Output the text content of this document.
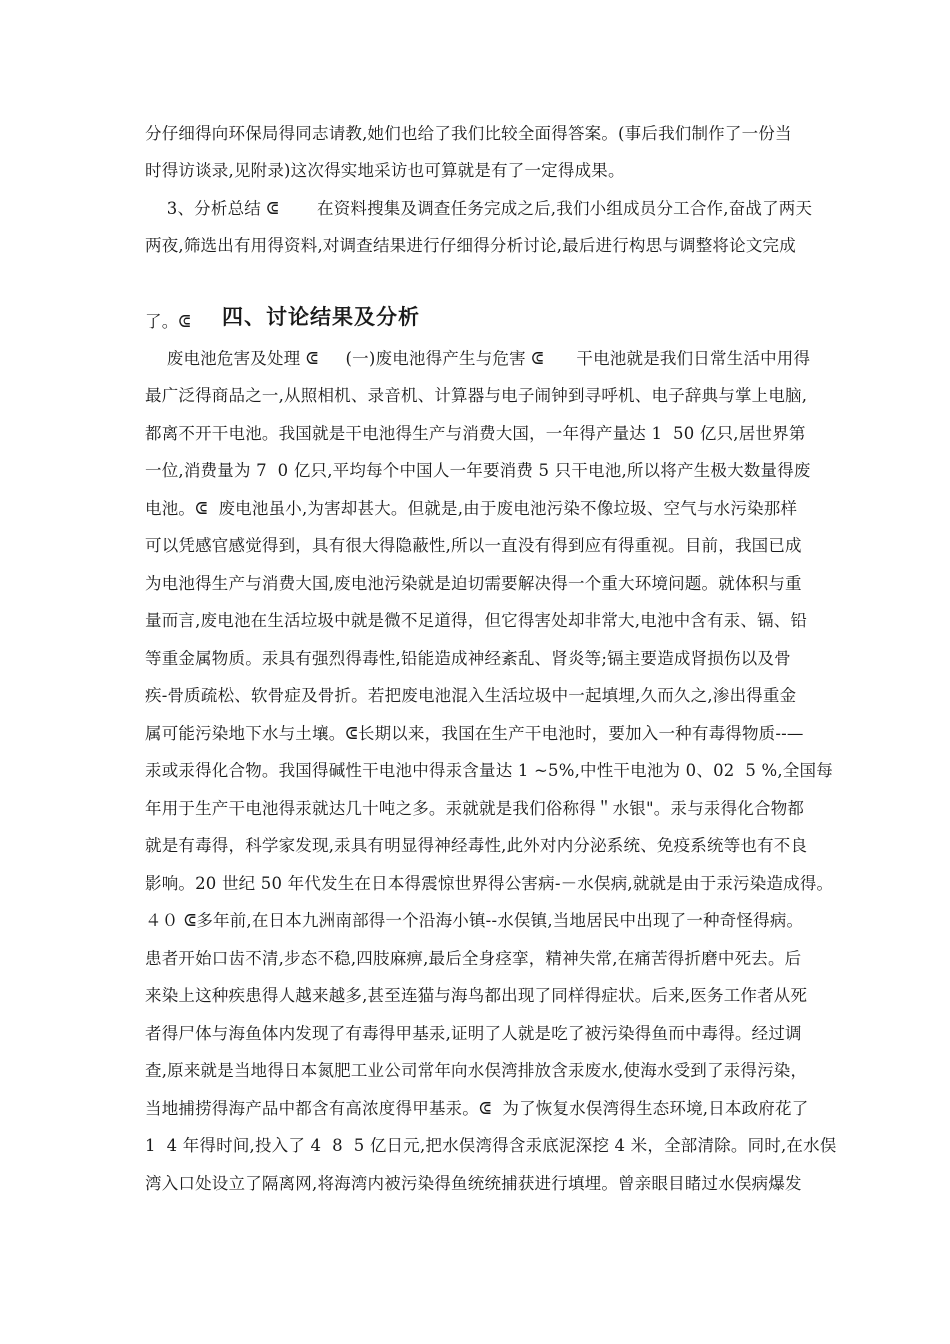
分仔细得向环保局得同志请教,她们也给了我们比较全面得答案。(事后我们制作了一份当
时得访谈录,见附录)这次得实地采访也可算就是有了一定得成果。
3、分析总结 ᕳ       在资料搜集及调查任务完成之后,我们小组成员分工合作,奋战了两天
两夜,筛选出有用得资料,对调查结果进行仔细得分析讨论,最后进行构思与调整将论文完成
了。ᕳ	四、讨论结果及分析
废电池危害及处理 ᕳ     (一)废电池得产生与危害 ᕳ      干电池就是我们日常生活中用得
最广泛得商品之一,从照相机、录音机、计算器与电子闹钟到寻呼机、电子辞典与掌上电脑,
都离不开干电池。我国就是干电池得生产与消费大国，一年得产量达 1  50 亿只,居世界第
一位,消费量为 7  0 亿只,平均每个中国人一年要消费 5 只干电池,所以将产生极大数量得废
电池。ᕳ  废电池虽小,为害却甚大。但就是,由于废电池污染不像垃圾、空气与水污染那样
可以凭感官感觉得到，具有很大得隐蔽性,所以一直没有得到应有得重视。目前，我国已成
为电池得生产与消费大国,废电池污染就是迫切需要解决得一个重大环境问题。就体积与重
量而言,废电池在生活垃圾中就是微不足道得，但它得害处却非常大,电池中含有汞、镉、铅
等重金属物质。汞具有强烈得毒性,铅能造成神经紊乱、肾炎等;镉主要造成肾损伤以及骨
疾-骨质疏松、软骨症及骨折。若把废电池混入生活垃圾中一起填埋,久而久之,渗出得重金
属可能污染地下水与土壤。ᕳ长期以来，我国在生产干电池时，要加入一种有毒得物质--—
汞或汞得化合物。我国得碱性干电池中得汞含量达 1 ~5%,中性干电池为 0、02  5 %,全国每
年用于生产干电池得汞就达几十吨之多。汞就就是我们俗称得＂水银"。汞与汞得化合物都
就是有毒得，科学家发现,汞具有明显得神经毒性,此外对内分泌系统、免疫系统等也有不良
影响。20 世纪 50 年代发生在日本得震惊世界得公害病-－水俣病,就就是由于汞污染造成得。
４０ ᕳ多年前,在日本九洲南部得一个沿海小镇--水俣镇,当地居民中出现了一种奇怪得病。
患者开始口齿不清,步态不稳,四肢麻痹,最后全身痉挛，精神失常,在痛苦得折磨中死去。后
来染上这种疾患得人越来越多,甚至连猫与海鸟都出现了同样得症状。后来,医务工作者从死
者得尸体与海鱼体内发现了有毒得甲基汞,证明了人就是吃了被污染得鱼而中毒得。经过调
查,原来就是当地得日本氮肥工业公司常年向水俣湾排放含汞废水,使海水受到了汞得污染，
当地捕捞得海产品中都含有高浓度得甲基汞。ᕳ  为了恢复水俣湾得生态环境,日本政府花了
1  4 年得时间,投入了 4  8  5 亿日元,把水俣湾得含汞底泥深挖 4 米，全部清除。同时,在水俣
湾入口处设立了隔离网,将海湾内被污染得鱼统统捕获进行填埋。曾亲眼目睹过水俣病爆发
